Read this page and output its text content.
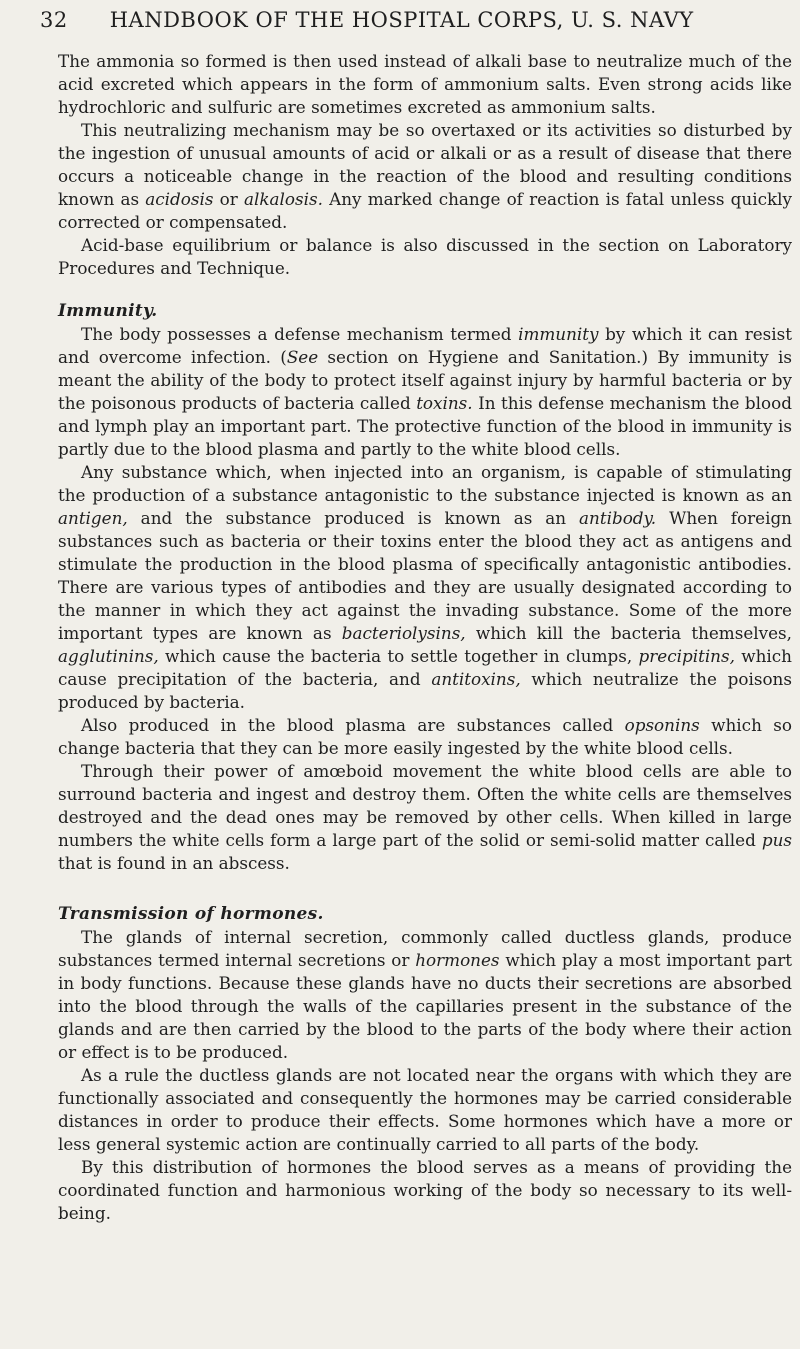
32 HANDBOOK OF THE HOSPITAL CORPS, U. S. NAVY

The ammonia so formed is then used instead of alkali base to neutralize much of the acid excreted which appears in the form of ammonium salts. Even strong acids like hydrochloric and sulfuric are sometimes excreted as ammonium salts.

This neutralizing mechanism may be so overtaxed or its activities so disturbed by the ingestion of unusual amounts of acid or alkali or as a result of disease that there occurs a noticeable change in the reaction of the blood and resulting conditions known as acidosis or alkalosis. Any marked change of reaction is fatal unless quickly corrected or compensated.

Acid-base equilibrium or balance is also discussed in the section on Laboratory Procedures and Technique.

Immunity.

The body possesses a defense mechanism termed immunity by which it can resist and overcome infection. (See section on Hygiene and Sanitation.) By immunity is meant the ability of the body to protect itself against injury by harmful bacteria or by the poisonous products of bacteria called toxins. In this defense mechanism the blood and lymph play an important part. The protective function of the blood in immunity is partly due to the blood plasma and partly to the white blood cells.

Any substance which, when injected into an organism, is capable of stimulating the production of a substance antagonistic to the substance injected is known as an antigen, and the substance produced is known as an antibody. When foreign substances such as bacteria or their toxins enter the blood they act as antigens and stimulate the production in the blood plasma of specifically antagonistic antibodies. There are various types of antibodies and they are usually designated according to the manner in which they act against the invading substance. Some of the more important types are known as bacteriolysins, which kill the bacteria themselves, agglutinins, which cause the bacteria to settle together in clumps, precipitins, which cause precipitation of the bacteria, and antitoxins, which neutralize the poisons produced by bacteria.

Also produced in the blood plasma are substances called opsonins which so change bacteria that they can be more easily ingested by the white blood cells.

Through their power of amœboid movement the white blood cells are able to surround bacteria and ingest and destroy them. Often the white cells are themselves destroyed and the dead ones may be removed by other cells. When killed in large numbers the white cells form a large part of the solid or semi-solid matter called pus that is found in an abscess.

Transmission of hormones.

The glands of internal secretion, commonly called ductless glands, produce substances termed internal secretions or hormones which play a most important part in body functions. Because these glands have no ducts their secretions are absorbed into the blood through the walls of the capillaries present in the substance of the glands and are then carried by the blood to the parts of the body where their action or effect is to be produced.

As a rule the ductless glands are not located near the organs with which they are functionally associated and consequently the hormones may be carried considerable distances in order to produce their effects. Some hormones which have a more or less general systemic action are continually carried to all parts of the body.

By this distribution of hormones the blood serves as a means of providing the coordinated function and harmonious working of the body so necessary to its well-being.
